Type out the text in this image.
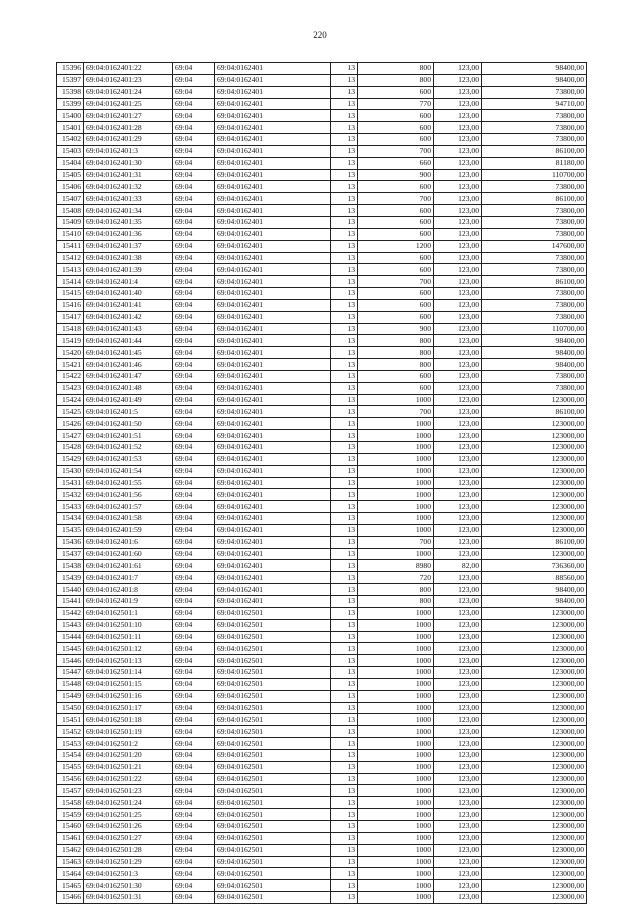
220
15396	69:04:0162401:22	69:04	69:04:0162401	13	800	123,00	98400,00
15397	69:04:0162401:23	69:04	69:04:0162401	13	800	123,00	98400,00
15398	69:04:0162401:24	69:04	69:04:0162401	13	600	123,00	73800,00
15399	69:04:0162401:25	69:04	69:04:0162401	13	770	123,00	94710,00
15400	69:04:0162401:27	69:04	69:04:0162401	13	600	123,00	73800,00
15401	69:04:0162401:28	69:04	69:04:0162401	13	600	123,00	73800,00
15402	69:04:0162401:29	69:04	69:04:0162401	13	600	123,00	73800,00
15403	69:04:0162401:3	69:04	69:04:0162401	13	700	123,00	86100,00
15404	69:04:0162401:30	69:04	69:04:0162401	13	660	123,00	81180,00
15405	69:04:0162401:31	69:04	69:04:0162401	13	900	123,00	110700,00
15406	69:04:0162401:32	69:04	69:04:0162401	13	600	123,00	73800,00
15407	69:04:0162401:33	69:04	69:04:0162401	13	700	123,00	86100,00
15408	69:04:0162401:34	69:04	69:04:0162401	13	600	123,00	73800,00
15409	69:04:0162401:35	69:04	69:04:0162401	13	600	123,00	73800,00
15410	69:04:0162401:36	69:04	69:04:0162401	13	600	123,00	73800,00
15411	69:04:0162401:37	69:04	69:04:0162401	13	1200	123,00	147600,00
15412	69:04:0162401:38	69:04	69:04:0162401	13	600	123,00	73800,00
15413	69:04:0162401:39	69:04	69:04:0162401	13	600	123,00	73800,00
15414	69:04:0162401:4	69:04	69:04:0162401	13	700	123,00	86100,00
15415	69:04:0162401:40	69:04	69:04:0162401	13	600	123,00	73800,00
15416	69:04:0162401:41	69:04	69:04:0162401	13	600	123,00	73800,00
15417	69:04:0162401:42	69:04	69:04:0162401	13	600	123,00	73800,00
15418	69:04:0162401:43	69:04	69:04:0162401	13	900	123,00	110700,00
15419	69:04:0162401:44	69:04	69:04:0162401	13	800	123,00	98400,00
15420	69:04:0162401:45	69:04	69:04:0162401	13	800	123,00	98400,00
15421	69:04:0162401:46	69:04	69:04:0162401	13	800	123,00	98400,00
15422	69:04:0162401:47	69:04	69:04:0162401	13	600	123,00	73800,00
15423	69:04:0162401:48	69:04	69:04:0162401	13	600	123,00	73800,00
15424	69:04:0162401:49	69:04	69:04:0162401	13	1000	123,00	123000,00
15425	69:04:0162401:5	69:04	69:04:0162401	13	700	123,00	86100,00
15426	69:04:0162401:50	69:04	69:04:0162401	13	1000	123,00	123000,00
15427	69:04:0162401:51	69:04	69:04:0162401	13	1000	123,00	123000,00
15428	69:04:0162401:52	69:04	69:04:0162401	13	1000	123,00	123000,00
15429	69:04:0162401:53	69:04	69:04:0162401	13	1000	123,00	123000,00
15430	69:04:0162401:54	69:04	69:04:0162401	13	1000	123,00	123000,00
15431	69:04:0162401:55	69:04	69:04:0162401	13	1000	123,00	123000,00
15432	69:04:0162401:56	69:04	69:04:0162401	13	1000	123,00	123000,00
15433	69:04:0162401:57	69:04	69:04:0162401	13	1000	123,00	123000,00
15434	69:04:0162401:58	69:04	69:04:0162401	13	1000	123,00	123000,00
15435	69:04:0162401:59	69:04	69:04:0162401	13	1000	123,00	123000,00
15436	69:04:0162401:6	69:04	69:04:0162401	13	700	123,00	86100,00
15437	69:04:0162401:60	69:04	69:04:0162401	13	1000	123,00	123000,00
15438	69:04:0162401:61	69:04	69:04:0162401	13	8980	82,00	736360,00
15439	69:04:0162401:7	69:04	69:04:0162401	13	720	123,00	88560,00
15440	69:04:0162401:8	69:04	69:04:0162401	13	800	123,00	98400,00
15441	69:04:0162401:9	69:04	69:04:0162401	13	800	123,00	98400,00
15442	69:04:0162501:1	69:04	69:04:0162501	13	1000	123,00	123000,00
15443	69:04:0162501:10	69:04	69:04:0162501	13	1000	123,00	123000,00
15444	69:04:0162501:11	69:04	69:04:0162501	13	1000	123,00	123000,00
15445	69:04:0162501:12	69:04	69:04:0162501	13	1000	123,00	123000,00
15446	69:04:0162501:13	69:04	69:04:0162501	13	1000	123,00	123000,00
15447	69:04:0162501:14	69:04	69:04:0162501	13	1000	123,00	123000,00
15448	69:04:0162501:15	69:04	69:04:0162501	13	1000	123,00	123000,00
15449	69:04:0162501:16	69:04	69:04:0162501	13	1000	123,00	123000,00
15450	69:04:0162501:17	69:04	69:04:0162501	13	1000	123,00	123000,00
15451	69:04:0162501:18	69:04	69:04:0162501	13	1000	123,00	123000,00
15452	69:04:0162501:19	69:04	69:04:0162501	13	1000	123,00	123000,00
15453	69:04:0162501:2	69:04	69:04:0162501	13	1000	123,00	123000,00
15454	69:04:0162501:20	69:04	69:04:0162501	13	1000	123,00	123000,00
15455	69:04:0162501:21	69:04	69:04:0162501	13	1000	123,00	123000,00
15456	69:04:0162501:22	69:04	69:04:0162501	13	1000	123,00	123000,00
15457	69:04:0162501:23	69:04	69:04:0162501	13	1000	123,00	123000,00
15458	69:04:0162501:24	69:04	69:04:0162501	13	1000	123,00	123000,00
15459	69:04:0162501:25	69:04	69:04:0162501	13	1000	123,00	123000,00
15460	69:04:0162501:26	69:04	69:04:0162501	13	1000	123,00	123000,00
15461	69:04:0162501:27	69:04	69:04:0162501	13	1000	123,00	123000,00
15462	69:04:0162501:28	69:04	69:04:0162501	13	1000	123,00	123000,00
15463	69:04:0162501:29	69:04	69:04:0162501	13	1000	123,00	123000,00
15464	69:04:0162501:3	69:04	69:04:0162501	13	1000	123,00	123000,00
15465	69:04:0162501:30	69:04	69:04:0162501	13	1000	123,00	123000,00
15466	69:04:0162501:31	69:04	69:04:0162501	13	1000	123,00	123000,00
